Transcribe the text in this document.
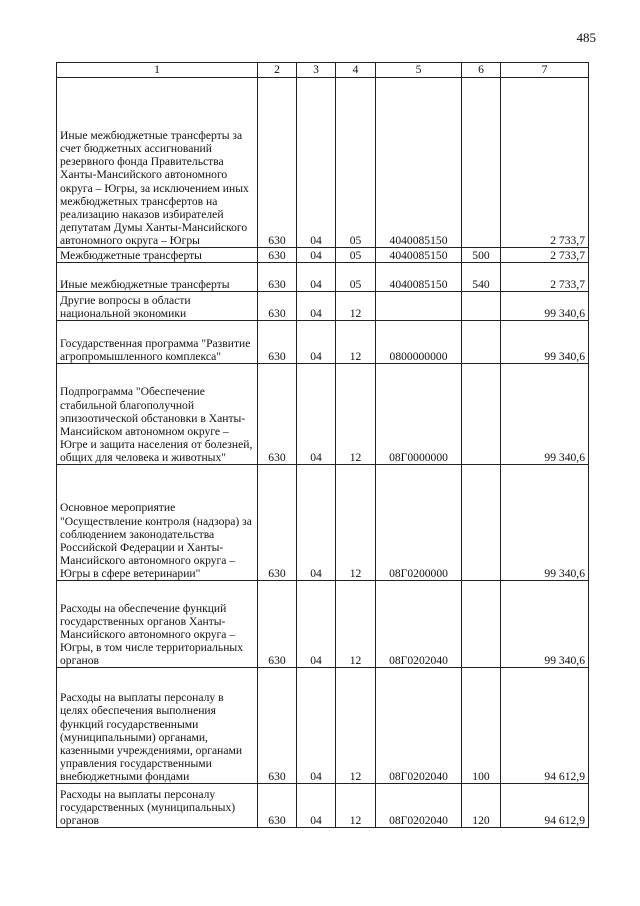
485
1	2	3	4	5	6	7
Иные межбюджетные трансферты за счет бюджетных ассигнований резервного фонда Правительства Ханты-Мансийского автономного округа – Югры, за исключением иных межбюджетных трансфертов на реализацию наказов избирателей депутатам Думы Ханты-Мансийского автономного округа – Югры	630	04	05	4040085150		2 733,7
Межбюджетные трансферты	630	04	05	4040085150	500	2 733,7
Иные межбюджетные трансферты	630	04	05	4040085150	540	2 733,7
Другие вопросы в области национальной экономики	630	04	12			99 340,6
Государственная программа "Развитие агропромышленного комплекса"	630	04	12	0800000000		99 340,6
Подпрограмма "Обеспечение стабильной благополучной эпизоотической обстановки в Ханты-Мансийском автономном округе – Югре и защита населения от болезней, общих для человека и животных"	630	04	12	08Г0000000		99 340,6
Основное мероприятие "Осуществление контроля (надзора) за соблюдением законодательства Российской Федерации и Ханты-Мансийского автономного округа – Югры в сфере ветеринарии"	630	04	12	08Г0200000		99 340,6
Расходы на обеспечение функций государственных органов Ханты-Мансийского автономного округа – Югры, в том числе территориальных органов	630	04	12	08Г0202040		99 340,6
Расходы на выплаты персоналу в целях обеспечения выполнения функций государственными (муниципальными) органами, казенными учреждениями, органами управления государственными внебюджетными фондами	630	04	12	08Г0202040	100	94 612,9
Расходы на выплаты персоналу государственных (муниципальных) органов	630	04	12	08Г0202040	120	94 612,9
